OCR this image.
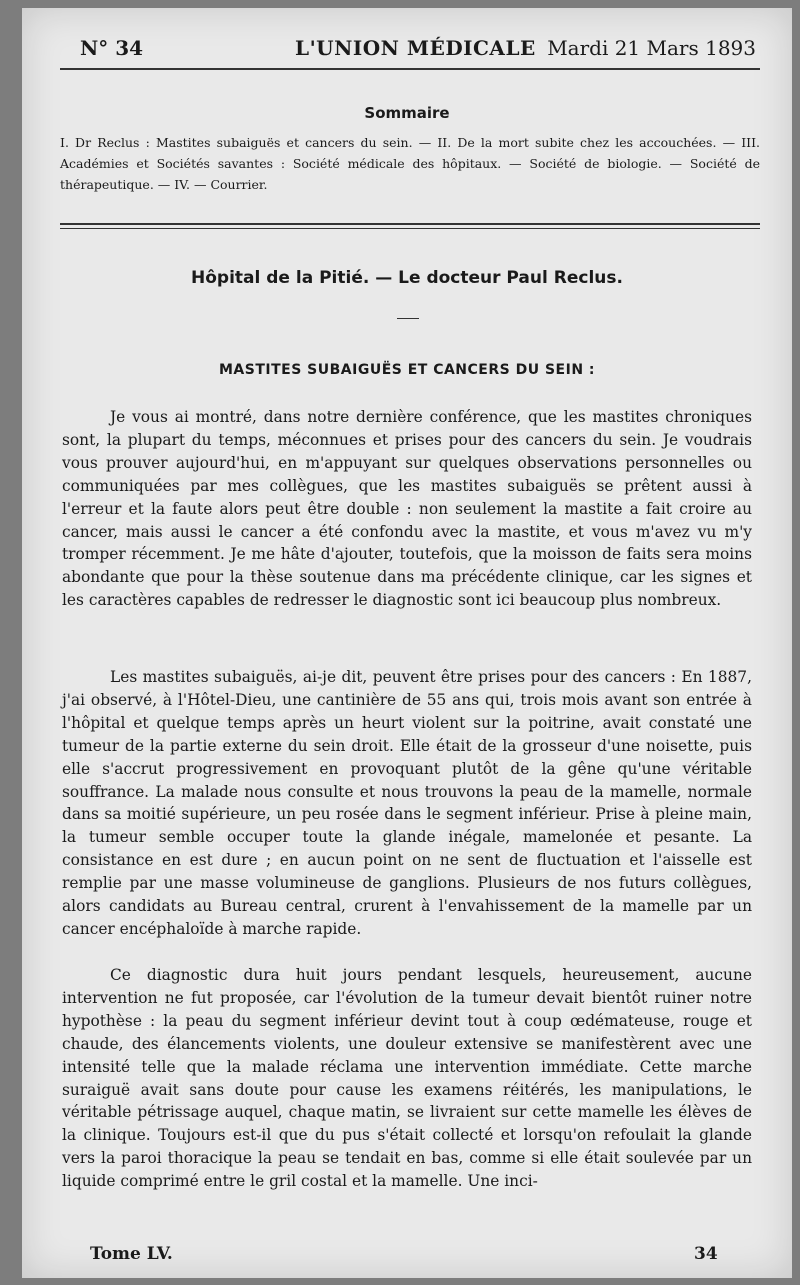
N° 34	L'UNION MÉDICALE Mardi 21 Mars 1893
Sommaire
I. Dr Reclus : Mastites subaiguës et cancers du sein. — II. De la mort subite chez les accouchées. — III. Académies et Sociétés savantes : Société médicale des hôpitaux. — Société de biologie. — Société de thérapeutique. — IV. — Courrier.
Hôpital de la Pitié. — Le docteur Paul Reclus.
MASTITES SUBAIGUËS ET CANCERS DU SEIN :

Je vous ai montré, dans notre dernière conférence, que les mastites chroniques sont, la plupart du temps, méconnues et prises pour des cancers du sein. Je voudrais vous prouver aujourd'hui, en m'appuyant sur quelques observations personnelles ou communiquées par mes collègues, que les mastites subaiguës se prêtent aussi à l'erreur et la faute alors peut être double : non seulement la mastite a fait croire au cancer, mais aussi le cancer a été confondu avec la mastite, et vous m'avez vu m'y tromper récemment. Je me hâte d'ajouter, toutefois, que la moisson de faits sera moins abondante que pour la thèse soutenue dans ma précédente clinique, car les signes et les caractères capables de redresser le diagnostic sont ici beaucoup plus nombreux.

Les mastites subaiguës, ai-je dit, peuvent être prises pour des cancers : En 1887, j'ai observé, à l'Hôtel-Dieu, une cantinière de 55 ans qui, trois mois avant son entrée à l'hôpital et quelque temps après un heurt violent sur la poitrine, avait constaté une tumeur de la partie externe du sein droit. Elle était de la grosseur d'une noisette, puis elle s'accrut progressivement en provoquant plutôt de la gêne qu'une véritable souffrance. La malade nous consulte et nous trouvons la peau de la mamelle, normale dans sa moitié supérieure, un peu rosée dans le segment inférieur. Prise à pleine main, la tumeur semble occuper toute la glande inégale, mamelonée et pesante. La consistance en est dure ; en aucun point on ne sent de fluctuation et l'aisselle est remplie par une masse volumineuse de ganglions. Plusieurs de nos futurs collègues, alors candidats au Bureau central, crurent à l'envahissement de la mamelle par un cancer encéphaloïde à marche rapide.

Ce diagnostic dura huit jours pendant lesquels, heureusement, aucune intervention ne fut proposée, car l'évolution de la tumeur devait bientôt ruiner notre hypothèse : la peau du segment inférieur devint tout à coup œdémateuse, rouge et chaude, des élancements violents, une douleur extensive se manifestèrent avec une intensité telle que la malade réclama une intervention immédiate. Cette marche suraiguë avait sans doute pour cause les examens réitérés, les manipulations, le véritable pétrissage auquel, chaque matin, se livraient sur cette mamelle les élèves de la clinique. Toujours est-il que du pus s'était collecté et lorsqu'on refoulait la glande vers la paroi thoracique la peau se tendait en bas, comme si elle était soulevée par un liquide comprimé entre le gril costal et la mamelle. Une inci-

Tome LV.	34
